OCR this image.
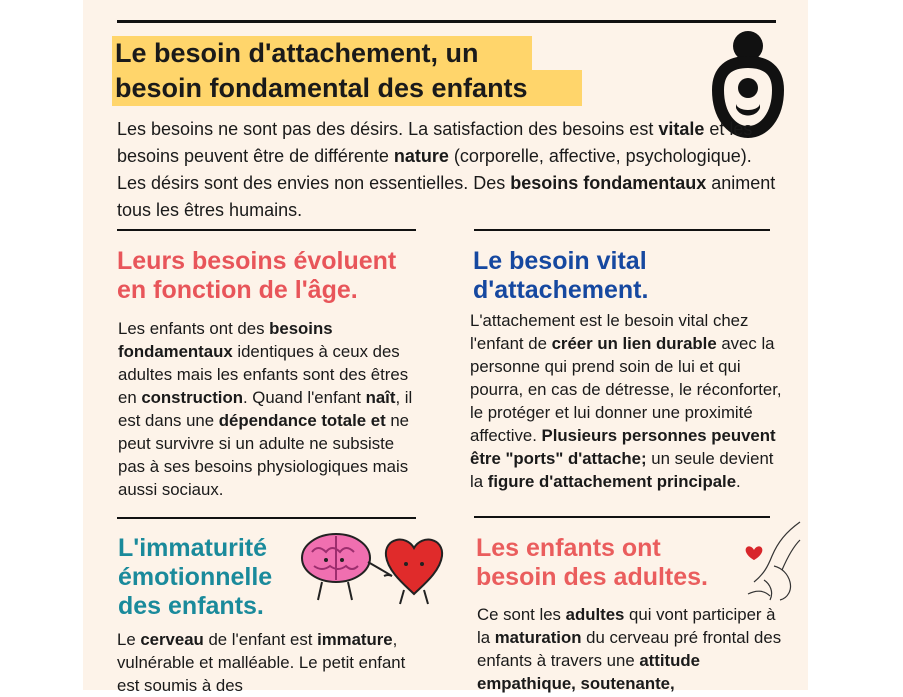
Le besoin d'attachement, un
besoin fondamental des enfants

Les besoins ne sont pas des désirs. La satisfaction des besoins est vitale et les besoins peuvent être de différente nature (corporelle, affective, psychologique). Les désirs sont des envies non essentielles. Des besoins fondamentaux animent tous les êtres humains.

Leurs besoins évoluent
en fonction de l'âge.

Les enfants ont des besoins fondamentaux identiques à ceux des adultes mais les enfants sont des êtres en construction. Quand l'enfant naît, il est dans une dépendance totale et ne peut survivre si un adulte ne subsiste pas à ses besoins physiologiques mais aussi sociaux.

Le besoin vital
d'attachement.

L'attachement est le besoin vital chez l'enfant de créer un lien durable avec la personne qui prend soin de lui et qui pourra, en cas de détresse, le réconforter, le protéger et lui donner une proximité affective. Plusieurs personnes peuvent être "ports" d'attache; un seule devient la figure d'attachement principale.

L'immaturité
émotionnelle
des enfants.

Le cerveau de l'enfant est immature, vulnérable et malléable. Le petit enfant est soumis à des

Les enfants ont
besoin des adultes.

Ce sont les adultes qui vont participer à la maturation du cerveau pré frontal des enfants à travers une attitude empathique, soutenante,
